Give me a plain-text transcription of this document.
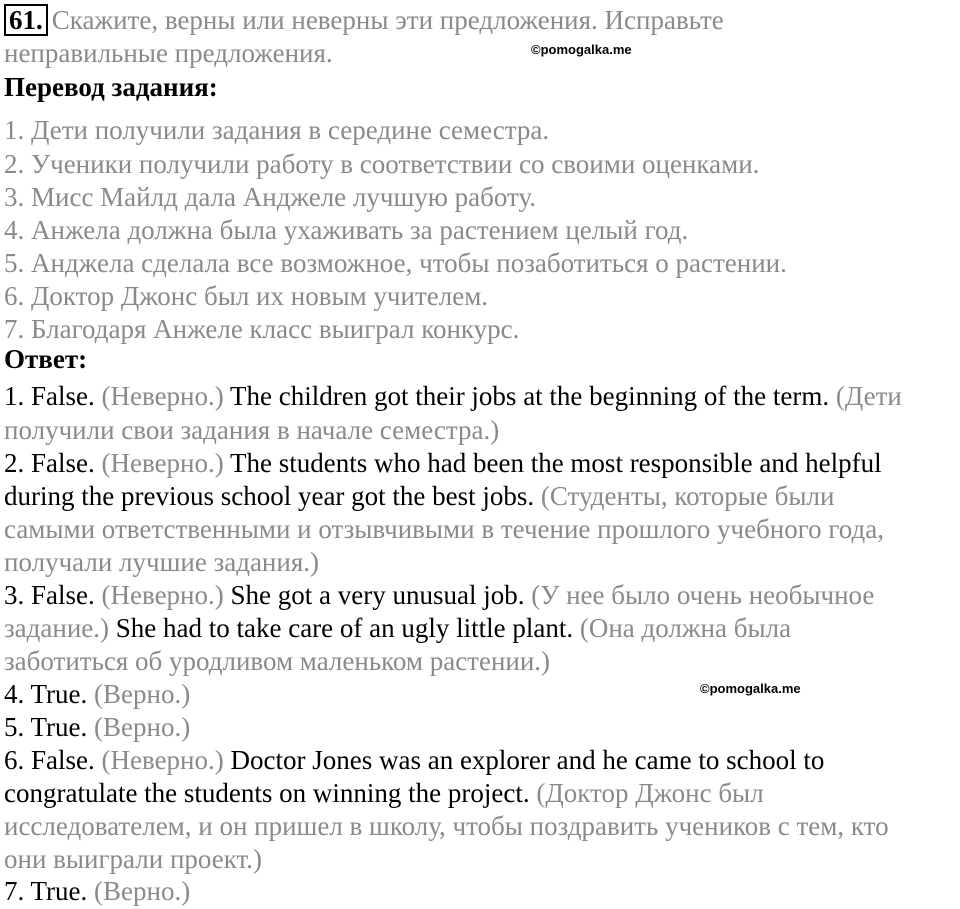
61. Скажите, верны или неверны эти предложения. Исправьте
неправильные предложения.	©pomogalka.me
Перевод задания:
1. Дети получили задания в середине семестра.
2. Ученики получили работу в соответствии со своими оценками.
3. Мисс Майлд дала Анджеле лучшую работу.
4. Анжела должна была ухаживать за растением целый год.
5. Анджела сделала все возможное, чтобы позаботиться о растении.
6. Доктор Джонс был их новым учителем.
7. Благодаря Анжеле класс выиграл конкурс.
Ответ:
1. False. (Неверно.) The children got their jobs at the beginning of the term. (Дети
получили свои задания в начале семестра.)
2. False. (Неверно.) The students who had been the most responsible and helpful
during the previous school year got the best jobs. (Студенты, которые были
самыми ответственными и отзывчивыми в течение прошлого учебного года,
получали лучшие задания.)
3. False. (Неверно.) She got a very unusual job. (У нее было очень необычное
задание.) She had to take care of an ugly little plant. (Она должна была
заботиться об уродливом маленьком растении.)
4. True. (Верно.)	©pomogalka.me
5. True. (Верно.)
6. False. (Неверно.) Doctor Jones was an explorer and he came to school to
congratulate the students on winning the project. (Доктор Джонс был
исследователем, и он пришел в школу, чтобы поздравить учеников с тем, кто
они выиграли проект.)
7. True. (Верно.)
